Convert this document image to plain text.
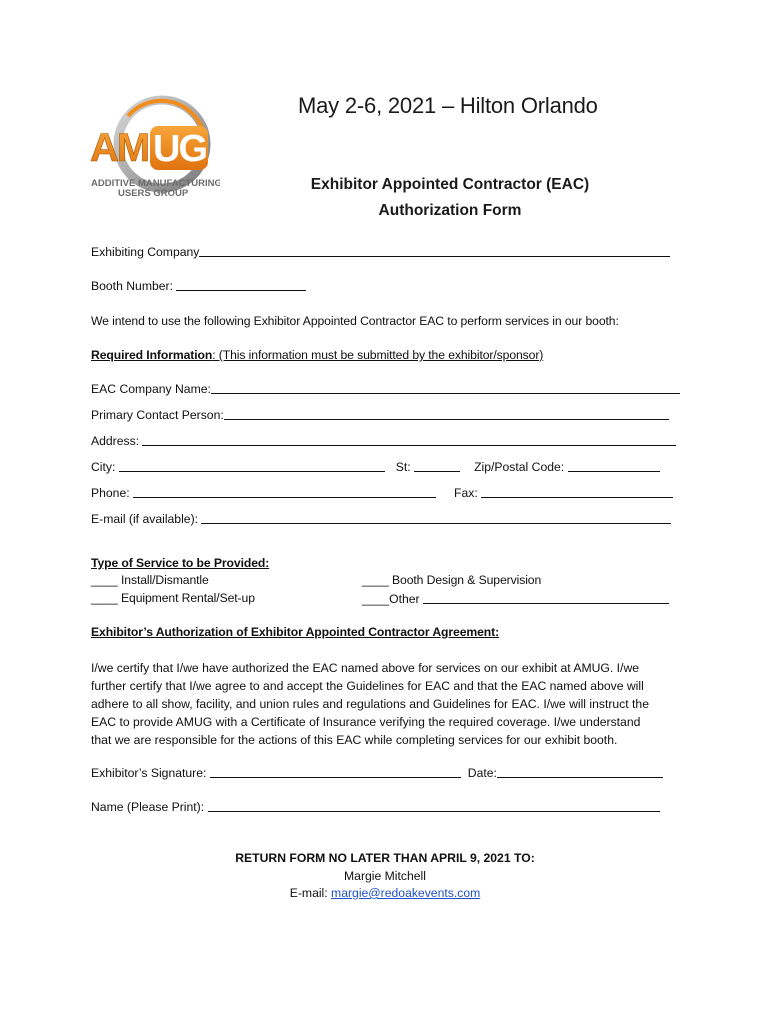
AM UG
ADDITIVE MANUFACTURING
USERS GROUP
May 2-6, 2021 – Hilton Orlando
Exhibitor Appointed Contractor (EAC)
Authorization Form
Exhibiting Company
Booth Number:
We intend to use the following Exhibitor Appointed Contractor EAC to perform services in our booth:
Required Information: (This information must be submitted by the exhibitor/sponsor)
EAC Company Name:
Primary Contact Person:
Address:
City:	St:	Zip/Postal Code:
Phone:	Fax:
E-mail (if available):
Type of Service to be Provided:
____ Install/Dismantle
____ Equipment Rental/Set-up
____ Booth Design & Supervision
____Other
Exhibitor’s Authorization of Exhibitor Appointed Contractor Agreement:

I/we certify that I/we have authorized the EAC named above for services on our exhibit at AMUG. I/we

further certify that I/we agree to and accept the Guidelines for EAC and that the EAC named above will

adhere to all show, facility, and union rules and regulations and Guidelines for EAC. I/we will instruct the

EAC to provide AMUG with a Certificate of Insurance verifying the required coverage. I/we understand

that we are responsible for the actions of this EAC while completing services for our exhibit booth.

Exhibitor’s Signature:	Date:
Name (Please Print):
RETURN FORM NO LATER THAN APRIL 9, 2021 TO:
Margie Mitchell
E-mail: margie@redoakevents.com
